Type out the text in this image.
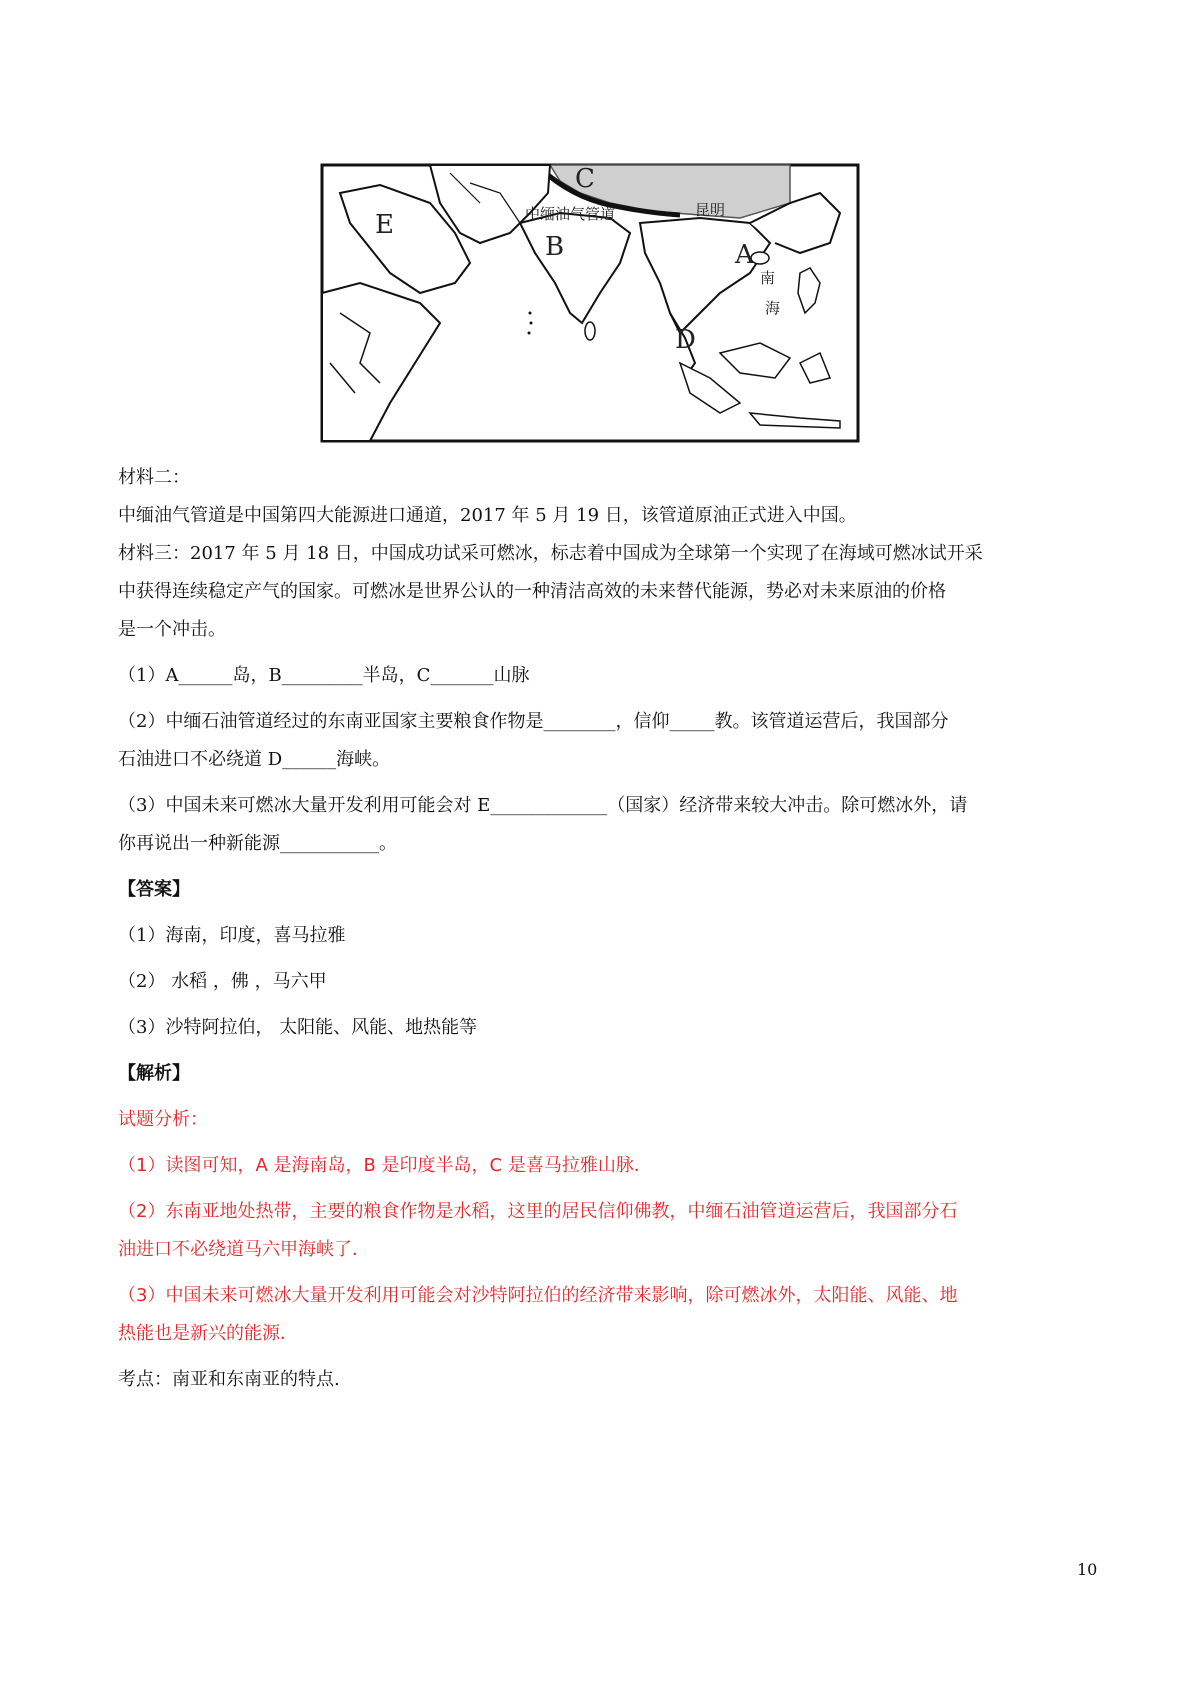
C
E
B	A
D
中缅油气管道	昆明
南
海

材料二：

中缅油气管道是中国第四大能源进口通道，2017 年 5 月 19 日，该管道原油正式进入中国。

材料三：2017 年 5 月 18 日，中国成功试采可燃冰，标志着中国成为全球第一个实现了在海域可燃冰试开采

中获得连续稳定产气的国家。可燃冰是世界公认的一种清洁高效的未来替代能源，势必对未来原油的价格

是一个冲击。

（1）A______岛，B_________半岛，C_______山脉

（2）中缅石油管道经过的东南亚国家主要粮食作物是________，信仰_____教。该管道运营后，我国部分

石油进口不必绕道 D______海峡。

（3）中国未来可燃冰大量开发利用可能会对 E_____________（国家）经济带来较大冲击。除可燃冰外，请

你再说出一种新能源___________。

【答案】

（1）海南，印度，喜马拉雅

（2） 水稻 ，佛 ，马六甲

（3）沙特阿拉伯， 太阳能、风能、地热能等

【解析】

试题分析：

（1）读图可知，A 是海南岛，B 是印度半岛，C 是喜马拉雅山脉．

（2）东南亚地处热带，主要的粮食作物是水稻，这里的居民信仰佛教，中缅石油管道运营后，我国部分石

油进口不必绕道马六甲海峡了．

（3）中国未来可燃冰大量开发利用可能会对沙特阿拉伯的经济带来影响，除可燃冰外，太阳能、风能、地

热能也是新兴的能源．

考点：南亚和东南亚的特点.

10
